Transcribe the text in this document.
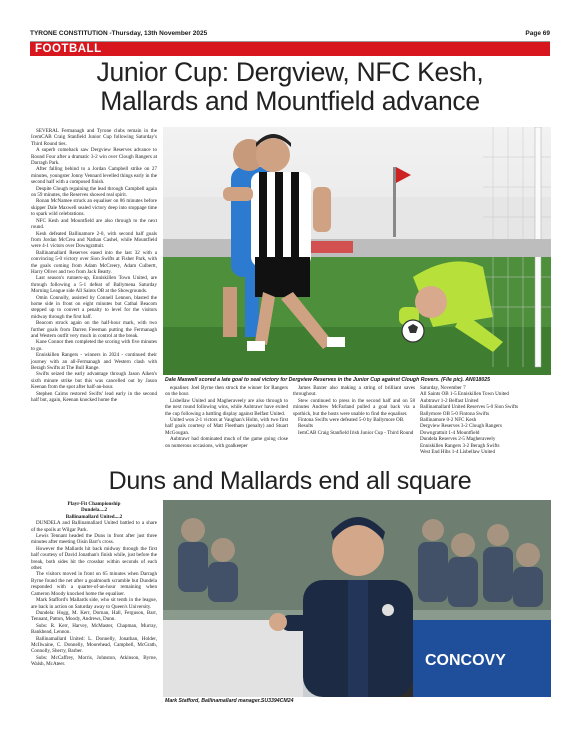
TYRONE CONSTITUTION -Thursday, 13th November 2025	Page 69
FOOTBALL
Junior Cup: Dergview, NFC Kesh,
Mallards and Mountfield advance
Dale Maxwell scored a late goal to seal victory for Dergview Reserves in the Junior Cup against Clough Rovers. (File pic). AN018025

SEVERAL Fermanagh and Tyrone clubs remain in the IcemCAB Craig Stanfield Junior Cup following Saturday's Third Round ties.

A superb comeback saw Dergview Reserves advance to Round Four after a dramatic 3-2 win over Clough Rangers at Darragh Park.

After falling behind to a Jordan Campbell strike on 27 minutes, youngster Jonny Vennard levelled things early in the second half with a composed finish.

Despite Clough regaining the lead through Campbell again on 59 minutes, the Reserves showed real spirit.

Ronan McNamee struck an equaliser on 86 minutes before skipper Dale Maxwell sealed victory deep into stoppage time to spark wild celebrations.

NFC Kesh and Mountfield are also through to the next round.

Kesh defeated Ballinamore 2-0, with second half goals from Jordan McCrea and Nathan Cashel, while Mountfield were 4-1 victors over Downgrattuit.

Ballinamallard Reserves eased into the last 32 with a convincing 5-0 victory over Sion Swifts at Fisher Park, with the goals coming from Adam McCreery, Adam Culbertt, Harry Oliver and two from Jack Beatty.

Last season's runners-up, Enniskillen Town United, are through following a 5-1 defeat of Ballymena Saturday Morning League side All Saints OB at the Showgrounds.

Omin Connolly, assisted by Connell Lennon, blasted the home side in front on eight minutes but Cathal Beacom stepped up to convert a penalty to level for the visitors midway through the first half.

Beacom struck again on the half-hour mark, with two further goals from Darren Freeman putting the Fermanagh and Western outfit very much in control at the break.

Kane Connor then completed the scoring with five minutes to go.

Enniskillen Rangers - winners in 2024 - continued their journey with an all-Fermanagh and Western clash with Beragh Swifts at The Bull Range.

Swifts seized the early advantage through Jason Aiken's sixth minute strike but this was cancelled out by Jason Keenan from the spot after half-an-hour.

Stephen Cairns restored Swifts' lead early in the second half but, again, Keenan knocked home the

equaliser. Joel Byrne then struck the winner for Rangers on the hour.

Lisbellaw United and Magheraveely are also through to the next round following wins, while Aubtrawr have exited the cup following a battling display against Belfast United.

United won 2-1 victors at Vaughan's Holm, with two first half goals courtesy of Matt Fleetham (penalty) and Stuart McGougan.

Aubtrawr had dominated much of the game going close on numerous occasions, with goalkeeper

James Baxter also making a string of brilliant saves throughout.

Stew continued to press in the second half and on 58 minutes Andrew McFarland pulled a goal back via a spothick, but the hosts were unable to find the equaliser.

Fintona Swifts were defeated 5-0 by Ballymore OB.

Results

IemCAB Craig Stanfield Irish Junior Cup - Third Round

Saturday, November 7

All Saints OB 1-5 Enniskillen Town United

Aubtrawr 1-2 Belfast United

Ballinamallard United Reserves 5-0 Sion Swifts

Ballymore OB 5-0 Fintona Swifts

Ballinamore 0-2 NFC Kesh

Dergview Reserves 3-2 Clough Rangers

Downgrattuit 1-4 Mountfield

Dundela Reserves 2-5 Magheraveely

Enniskillen Rangers 3-2 Beragh Swifts

West End Hibs 1-4 Lisbellaw United

Duns and Mallards end all square

Playr-Fit Championship

Dundela....2

Ballinamallard United....2

DUNDELA and Ballinamallard United battled to a share of the spoils at Wilgar Park.

Lewis Tennant headed the Duns in front after just three minutes after meeting Oisin Barr's cross.

However the Mallards hit back midway through the first half courtesy of David Jonathan's finish while, just before the break, both sides hit the crossbar within seconds of each other.

The visitors moved in front on 65 minutes when Darragh Byrne found the net after a goalmouth scramble but Dundela responded with a quarter-of-an-hour remaining when Cameron Moody knocked home the equaliser.

Mark Stafford's Mallards side, who sit tenth in the league, are back in action on Saturday away to Queen's University.

Dundela: Hogg, M. Kerr, Dornan, Hall, Ferguson, Barr, Tennant, Patton, Moody, Andrews, Dunn.

Subs: R. Kerr, Harvey, McMaster, Chapman, Murray, Bankhead, Lennon.

Ballinamallard United: L. Donnelly, Jonathan, Holder, McIlwaine, C. Donnelly, Moorehead, Campbell, McGrath, Connolly, Sherry, Barber.

Subs: McCaffrey, Morris, Johnston, Atkinson, Byrne, Walsh, McAteer.	CONCOVY
Mark Stafford, Ballinamallard manager.SU3394CM24
